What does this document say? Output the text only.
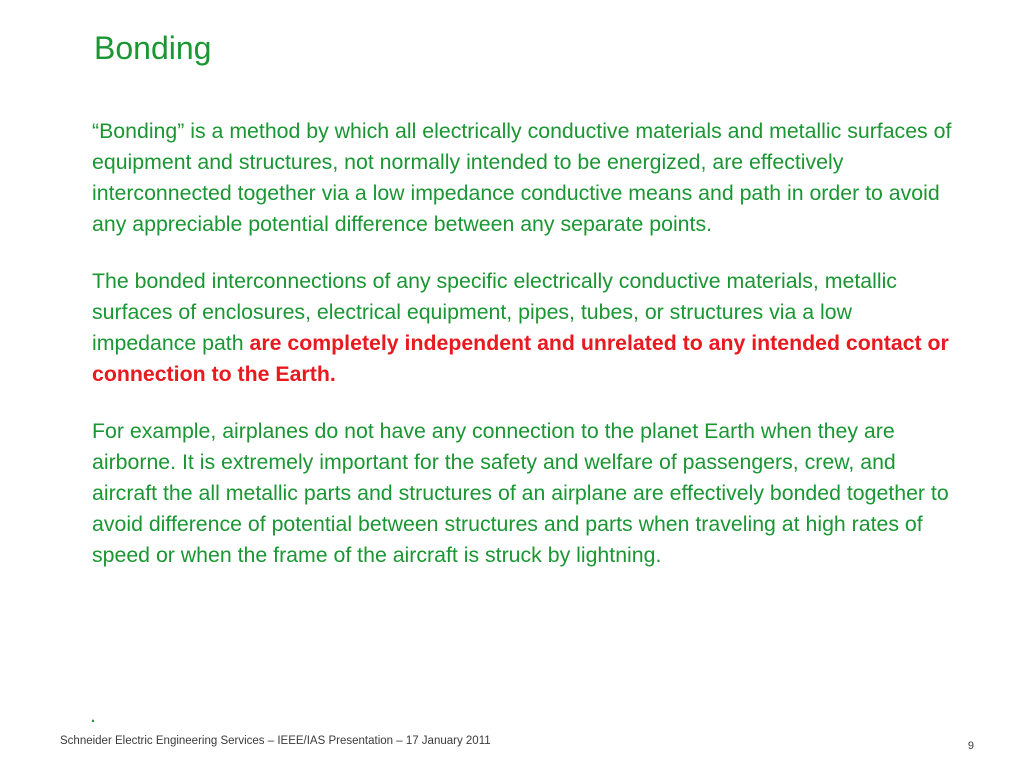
Bonding

“Bonding” is a method by which all electrically conductive materials and metallic surfaces of equipment and structures, not normally intended to be energized, are effectively interconnected together via a low impedance conductive means and path in order to avoid any appreciable potential difference between any separate points.

The bonded interconnections of any specific electrically conductive materials, metallic surfaces of enclosures, electrical equipment, pipes, tubes, or structures via a low impedance path are completely independent and unrelated to any intended contact or connection to the Earth.

For example, airplanes do not have any connection to the planet Earth when they are airborne. It is extremely important for the safety and welfare of passengers, crew, and aircraft the all metallic parts and structures of an airplane are effectively bonded together to avoid difference of potential between structures and parts when traveling at high rates of speed or when the frame of the aircraft is struck by lightning.

.
Schneider Electric Engineering Services – IEEE/IAS Presentation – 17 January 2011	9
